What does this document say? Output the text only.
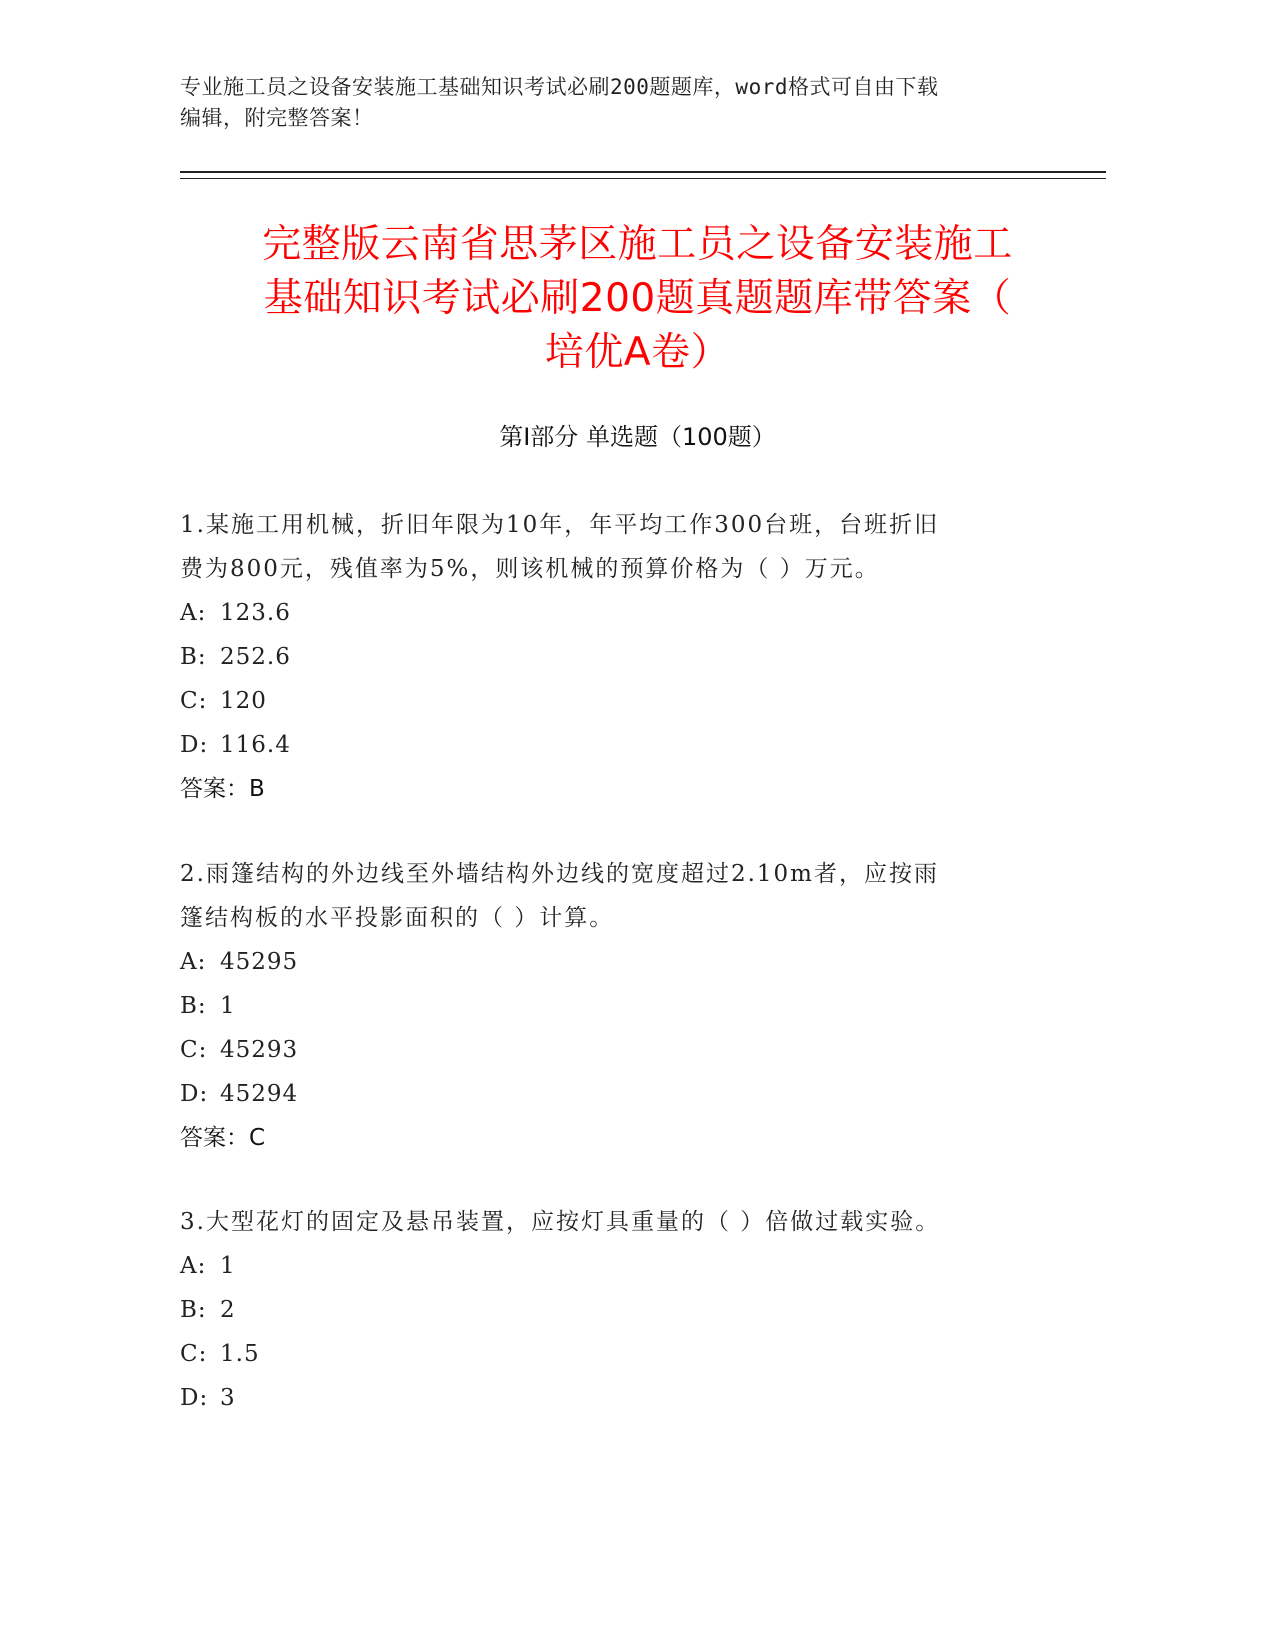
专业施工员之设备安装施工基础知识考试必刷200题题库，word格式可自由下载
编辑，附完整答案！
完整版云南省思茅区施工员之设备安装施工
基础知识考试必刷200题真题题库带答案（
培优A卷）
第Ⅰ部分 单选题（100题）
1.某施工用机械，折旧年限为10年，年平均工作300台班，台班折旧
费为800元，残值率为5%，则该机械的预算价格为（ ）万元。
A: 123.6
B: 252.6
C: 120
D: 116.4
答案：B
2.雨篷结构的外边线至外墙结构外边线的宽度超过2.10m者，应按雨
篷结构板的水平投影面积的（ ）计算。
A: 45295
B: 1
C: 45293
D: 45294
答案：C
3.大型花灯的固定及悬吊装置，应按灯具重量的（ ）倍做过载实验。
A: 1
B: 2
C: 1.5
D: 3
